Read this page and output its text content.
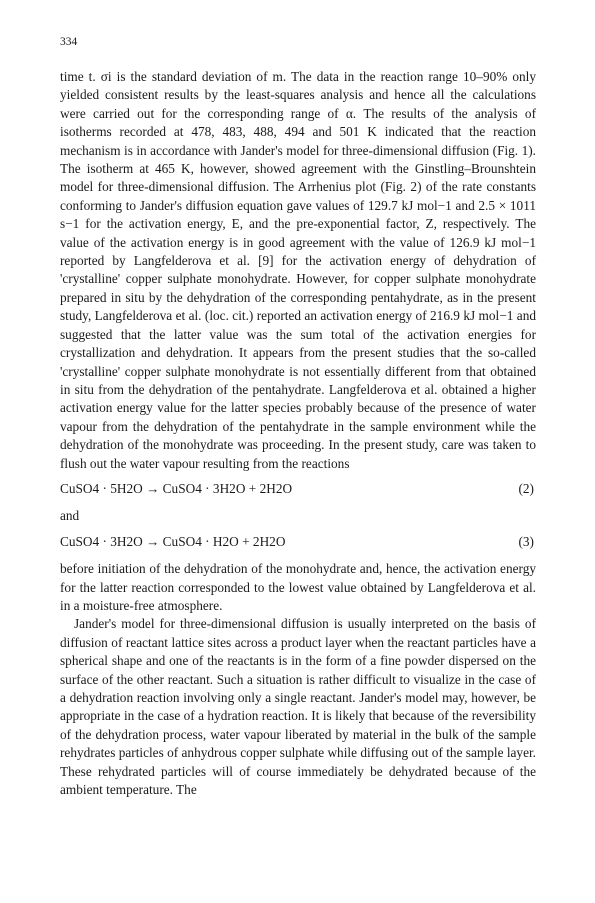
334

time t. σi is the standard deviation of m. The data in the reaction range 10–90% only yielded consistent results by the least-squares analysis and hence all the calculations were carried out for the corresponding range of α. The results of the analysis of isotherms recorded at 478, 483, 488, 494 and 501 K indicated that the reaction mechanism is in accordance with Jander's model for three-dimensional diffusion (Fig. 1). The isotherm at 465 K, however, showed agreement with the Ginstling–Brounshtein model for three-dimensional diffusion. The Arrhenius plot (Fig. 2) of the rate constants conforming to Jander's diffusion equation gave values of 129.7 kJ mol−1 and 2.5 × 1011 s−1 for the activation energy, E, and the pre-exponential factor, Z, respectively. The value of the activation energy is in good agreement with the value of 126.9 kJ mol−1 reported by Langfelderova et al. [9] for the activation energy of dehydration of 'crystalline' copper sulphate monohydrate. However, for copper sulphate monohydrate prepared in situ by the dehydration of the corresponding pentahydrate, as in the present study, Langfelderova et al. (loc. cit.) reported an activation energy of 216.9 kJ mol−1 and suggested that the latter value was the sum total of the activation energies for crystallization and dehydration. It appears from the present studies that the so-called 'crystalline' copper sulphate monohydrate is not essentially different from that obtained in situ from the dehydration of the pentahydrate. Langfelderova et al. obtained a higher activation energy value for the latter species probably because of the presence of water vapour from the dehydration of the pentahydrate in the sample environment while the dehydration of the monohydrate was proceeding. In the present study, care was taken to flush out the water vapour resulting from the reactions

CuSO4 · 5H2O → CuSO4 · 3H2O + 2H2O	(2)

and

CuSO4 · 3H2O → CuSO4 · H2O + 2H2O	(3)

before initiation of the dehydration of the monohydrate and, hence, the activation energy for the latter reaction corresponded to the lowest value obtained by Langfelderova et al. in a moisture-free atmosphere.

Jander's model for three-dimensional diffusion is usually interpreted on the basis of diffusion of reactant lattice sites across a product layer when the reactant particles have a spherical shape and one of the reactants is in the form of a fine powder dispersed on the surface of the other reactant. Such a situation is rather difficult to visualize in the case of a dehydration reaction involving only a single reactant. Jander's model may, however, be appropriate in the case of a hydration reaction. It is likely that because of the reversibility of the dehydration process, water vapour liberated by material in the bulk of the sample rehydrates particles of anhydrous copper sulphate while diffusing out of the sample layer. These rehydrated particles will of course immediately be dehydrated because of the ambient temperature. The
